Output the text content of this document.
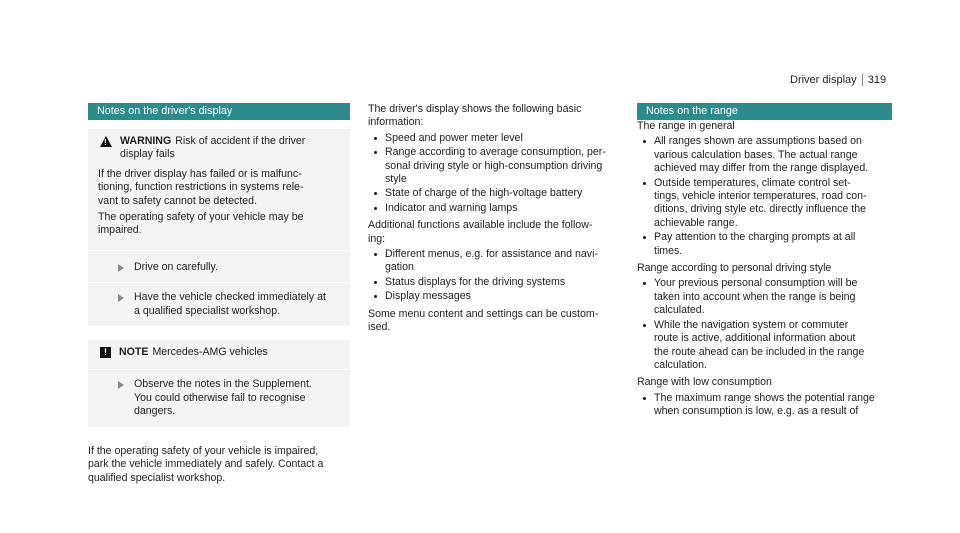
Driver display 319
Notes on the driver's display
!
WARNING Risk of accident if the driver
display fails

If the driver display has failed or is malfunc-
tioning, function restrictions in systems rele-
vant to safety cannot be detected.

The operating safety of your vehicle may be
impaired.

Drive on carefully.
Have the vehicle checked immediately at
a qualified specialist workshop.
!	NOTE Mercedes-AMG vehicles
Observe the notes in the Supplement.
You could otherwise fail to recognise
dangers.

If the operating safety of your vehicle is impaired,
park the vehicle immediately and safely. Contact a
qualified specialist workshop.

The driver's display shows the following basic
information:

Speed and power meter level
Range according to average consumption, per-
sonal driving style or high-consumption driving
style
State of charge of the high-voltage battery
Indicator and warning lamps

Additional functions available include the follow-
ing:

Different menus, e.g. for assistance and navi-
gation
Status displays for the driving systems
Display messages

Some menu content and settings can be custom-
ised.

Notes on the range

The range in general

All ranges shown are assumptions based on
various calculation bases. The actual range
achieved may differ from the range displayed.
Outside temperatures, climate control set-
tings, vehicle interior temperatures, road con-
ditions, driving style etc. directly influence the
achievable range.
Pay attention to the charging prompts at all
times.

Range according to personal driving style

Your previous personal consumption will be
taken into account when the range is being
calculated.
While the navigation system or commuter
route is active, additional information about
the route ahead can be included in the range
calculation.

Range with low consumption

The maximum range shows the potential range
when consumption is low, e.g. as a result of
